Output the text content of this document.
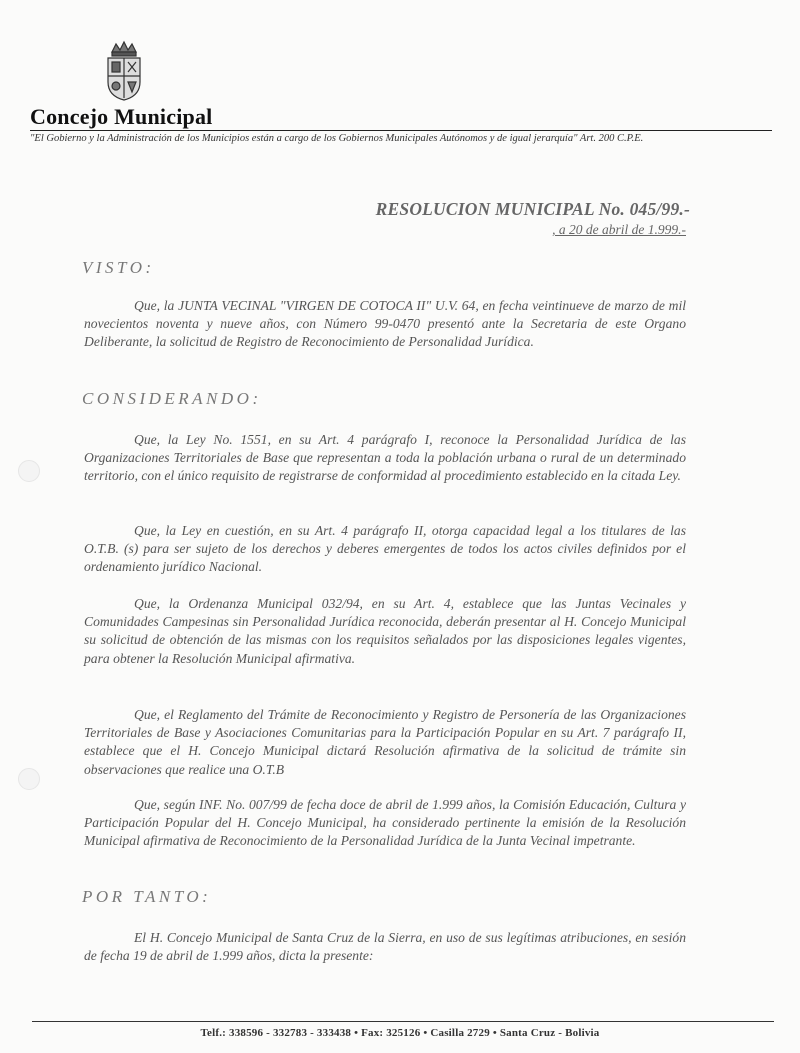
Concejo Municipal
"El Gobierno y la Administración de los Municipios están a cargo de los Gobiernos Municipales Autónomos y de igual jerarquía" Art. 200 C.P.E.
RESOLUCION MUNICIPAL No. 045/99.-
, a 20 de abril de 1.999.-
VISTO:
Que, la JUNTA VECINAL "VIRGEN DE COTOCA II" U.V. 64, en fecha veintinueve de marzo de mil novecientos noventa y nueve años, con Número 99-0470 presentó ante la Secretaria de este Organo Deliberante, la solicitud de Registro de Reconocimiento de Personalidad Jurídica.
CONSIDERANDO:
Que, la Ley No. 1551, en su Art. 4 parágrafo I, reconoce la Personalidad Jurídica de las Organizaciones Territoriales de Base que representan a toda la población urbana o rural de un determinado territorio, con el único requisito de registrarse de conformidad al procedimiento establecido en la citada Ley.
Que, la Ley en cuestión, en su Art. 4 parágrafo II, otorga capacidad legal a los titulares de las O.T.B. (s) para ser sujeto de los derechos y deberes emergentes de todos los actos civiles definidos por el ordenamiento jurídico Nacional.
Que, la Ordenanza Municipal 032/94, en su Art. 4, establece que las Juntas Vecinales y Comunidades Campesinas sin Personalidad Jurídica reconocida, deberán presentar al H. Concejo Municipal su solicitud de obtención de las mismas con los requisitos señalados por las disposiciones legales vigentes, para obtener la Resolución Municipal afirmativa.
Que, el Reglamento del Trámite de Reconocimiento y Registro de Personería de las Organizaciones Territoriales de Base y Asociaciones Comunitarias para la Participación Popular en su Art. 7 parágrafo II, establece que el H. Concejo Municipal dictará Resolución afirmativa de la solicitud de trámite sin observaciones que realice una O.T.B
Que, según INF. No. 007/99 de fecha doce de abril de 1.999 años, la Comisión Educación, Cultura y Participación Popular del H. Concejo Municipal, ha considerado pertinente la emisión de la Resolución Municipal afirmativa de Reconocimiento de la Personalidad Jurídica de la Junta Vecinal impetrante.
POR TANTO:
El H. Concejo Municipal de Santa Cruz de la Sierra, en uso de sus legítimas atribuciones, en sesión de fecha 19 de abril de 1.999 años, dicta la presente:
Telf.: 338596 - 332783 - 333438 • Fax: 325126 • Casilla 2729 • Santa Cruz - Bolivia
